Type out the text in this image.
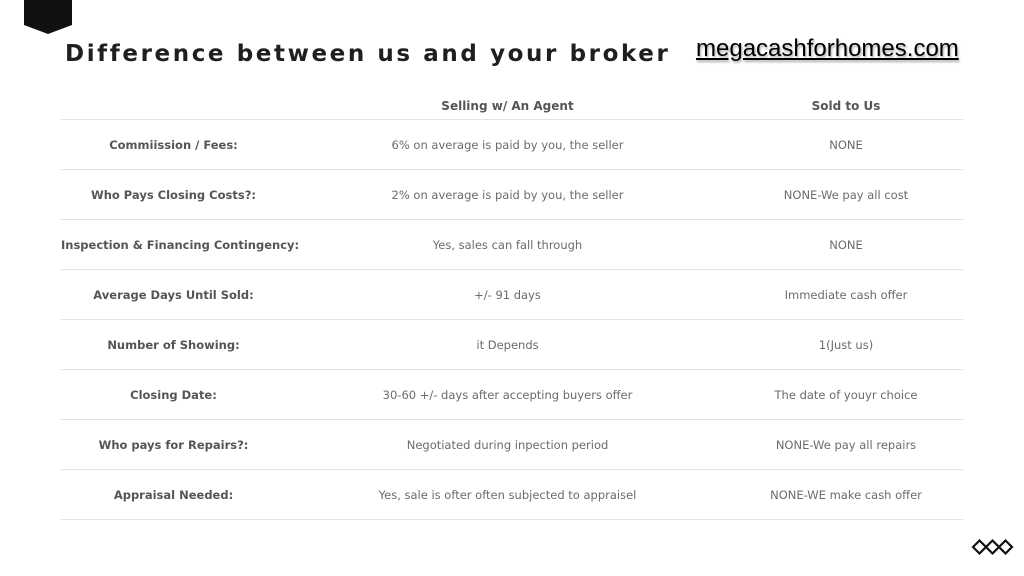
Difference between us and your broker megacashforhomes.com
	Selling w/ An Agent	Sold to Us
Commiission / Fees:	6% on average is paid by you, the seller	NONE
Who Pays Closing Costs?:	2% on average is paid by you, the seller	NONE-We pay all cost
Inspection & Financing Contingency:	Yes, sales can fall through	NONE
Average Days Until Sold:	+/- 91 days	Immediate cash offer
Number of Showing:	it Depends	1(Just us)
Closing Date:	30-60 +/- days after accepting buyers offer	The date of youyr choice
Who pays for Repairs?:	Negotiated during inpection period	NONE-We pay all repairs
Appraisal Needed:	Yes, sale is ofter often subjected to appraisel	NONE-WE make cash offer
